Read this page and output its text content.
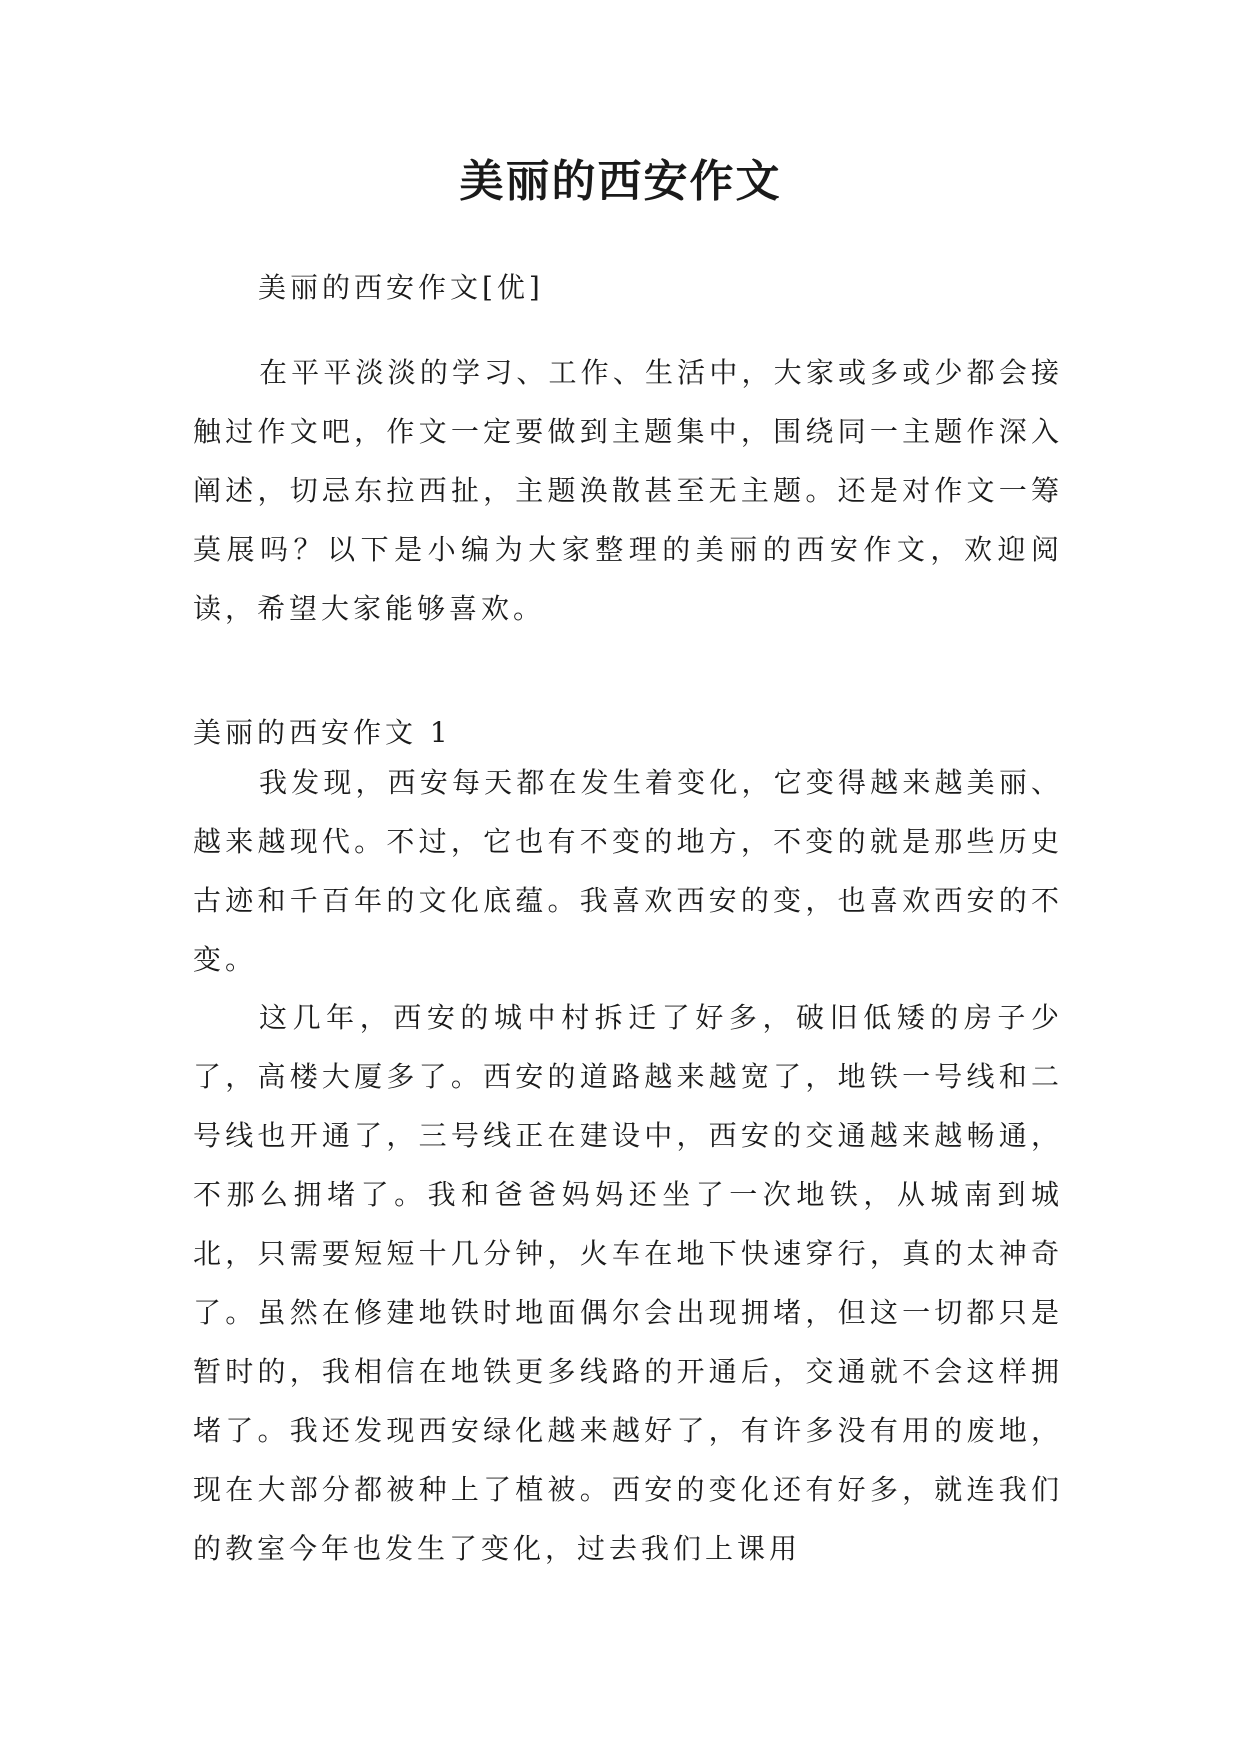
美丽的西安作文

美丽的西安作文[优]

在平平淡淡的学习、工作、生活中，大家或多或少都会接触过作文吧，作文一定要做到主题集中，围绕同一主题作深入阐述，切忌东拉西扯，主题涣散甚至无主题。还是对作文一筹莫展吗？以下是小编为大家整理的美丽的西安作文，欢迎阅读，希望大家能够喜欢。

美丽的西安作文 1

我发现，西安每天都在发生着变化，它变得越来越美丽、越来越现代。不过，它也有不变的地方，不变的就是那些历史古迹和千百年的文化底蕴。我喜欢西安的变，也喜欢西安的不变。

这几年，西安的城中村拆迁了好多，破旧低矮的房子少了，高楼大厦多了。西安的道路越来越宽了，地铁一号线和二号线也开通了，三号线正在建设中，西安的交通越来越畅通，不那么拥堵了。我和爸爸妈妈还坐了一次地铁，从城南到城北，只需要短短十几分钟，火车在地下快速穿行，真的太神奇了。虽然在修建地铁时地面偶尔会出现拥堵，但这一切都只是暂时的，我相信在地铁更多线路的开通后，交通就不会这样拥堵了。我还发现西安绿化越来越好了，有许多没有用的废地，现在大部分都被种上了植被。西安的变化还有好多，就连我们的教室今年也发生了变化，过去我们上课用
